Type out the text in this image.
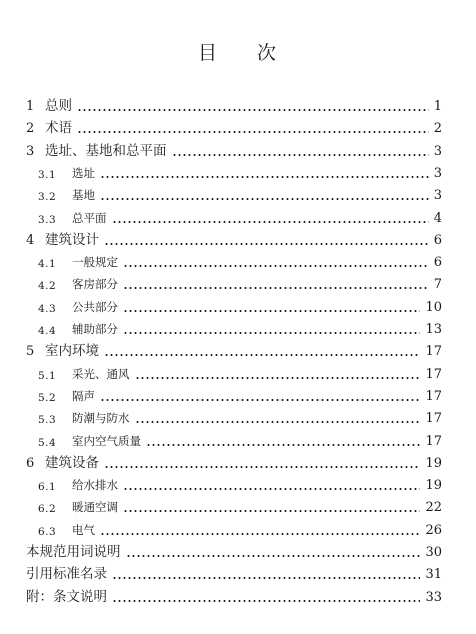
目 次
1 总则	1
2 术语	2
3 选址、基地和总平面	3
3.1 选址	3
3.2 基地	3
3.3 总平面	4
4 建筑设计	6
4.1 一般规定	6
4.2 客房部分	7
4.3 公共部分	10
4.4 辅助部分	13
5 室内环境	17
5.1 采光、通风	17
5.2 隔声	17
5.3 防潮与防水	17
5.4 室内空气质量	17
6 建筑设备	19
6.1 给水排水	19
6.2 暖通空调	22
6.3 电气	26
本规范用词说明	30
引用标准名录	31
附：条文说明	33
